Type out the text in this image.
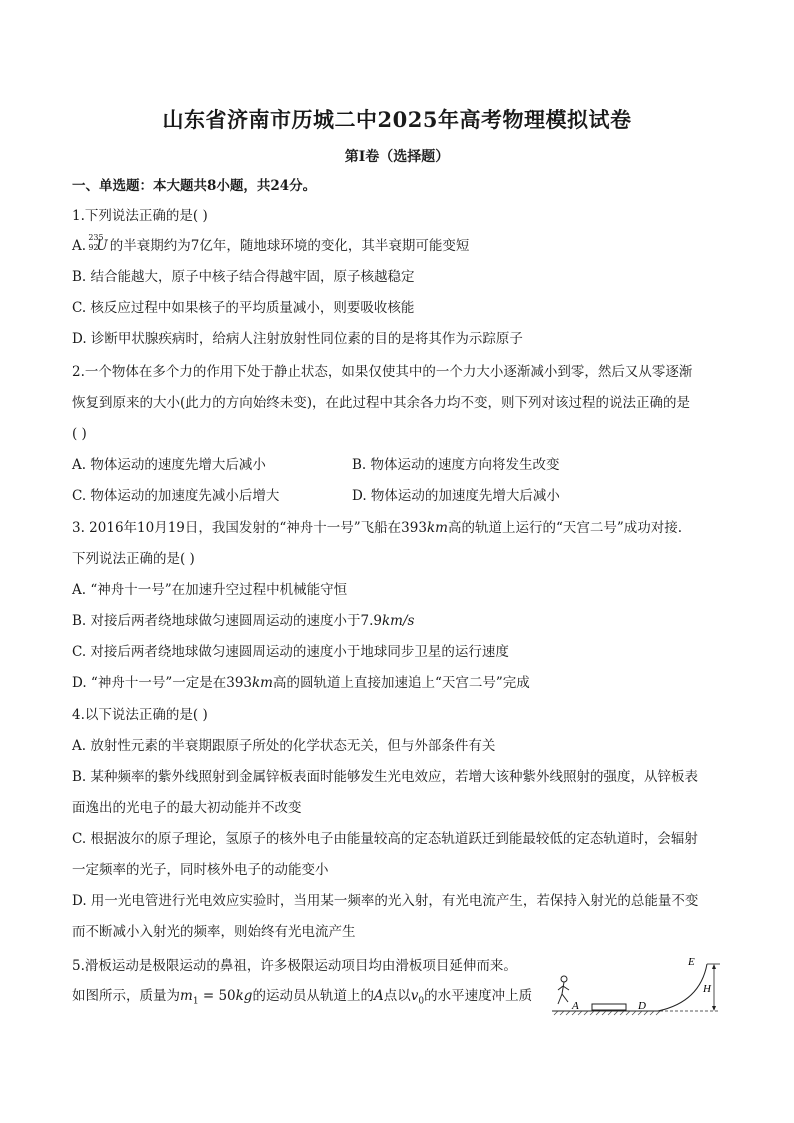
山东省济南市历城二中2025年高考物理模拟试卷
第I卷（选择题）
一、单选题：本大题共8小题，共24分。
1.下列说法正确的是( )
A.
235
92
U 的半衰期约为7亿年，随地球环境的变化，其半衰期可能变短
B. 结合能越大，原子中核子结合得越牢固，原子核越稳定
C. 核反应过程中如果核子的平均质量减小，则要吸收核能
D. 诊断甲状腺疾病时，给病人注射放射性同位素的目的是将其作为示踪原子
2.一个物体在多个力的作用下处于静止状态，如果仅使其中的一个力大小逐渐减小到零，然后又从零逐渐
恢复到原来的大小(此力的方向始终未变)，在此过程中其余各力均不变，则下列对该过程的说法正确的是
( )
A. 物体运动的速度先增大后减小	B. 物体运动的速度方向将发生改变
C. 物体运动的加速度先减小后增大	D. 物体运动的加速度先增大后减小
3. 2016年10月19日，我国发射的“神舟十一号”飞船在393km高的轨道上运行的“天宫二号”成功对接.
下列说法正确的是( )
A. “神舟十一号”在加速升空过程中机械能守恒
B. 对接后两者绕地球做匀速圆周运动的速度小于7.9km/s
C. 对接后两者绕地球做匀速圆周运动的速度小于地球同步卫星的运行速度
D. “神舟十一号”一定是在393km高的圆轨道上直接加速追上“天宫二号”完成
4.以下说法正确的是( )
A. 放射性元素的半衰期跟原子所处的化学状态无关，但与外部条件有关
B. 某种频率的紫外线照射到金属锌板表面时能够发生光电效应，若增大该种紫外线照射的强度，从锌板表
面逸出的光电子的最大初动能并不改变
C. 根据波尔的原子理论，氢原子的核外电子由能量较高的定态轨道跃迁到能最较低的定态轨道时，会辐射
一定频率的光子，同时核外电子的动能变小
D. 用一光电管进行光电效应实验时，当用某一频率的光入射，有光电流产生，若保持入射光的总能量不变
而不断减小入射光的频率，则始终有光电流产生
5.滑板运动是极限运动的鼻祖，许多极限运动项目均由滑板项目延伸而来。
如图所示，质量为$m_1 = 50kg$的运动员从轨道上的A点以$v_0$的水平速度冲上质
A	D
E
H
